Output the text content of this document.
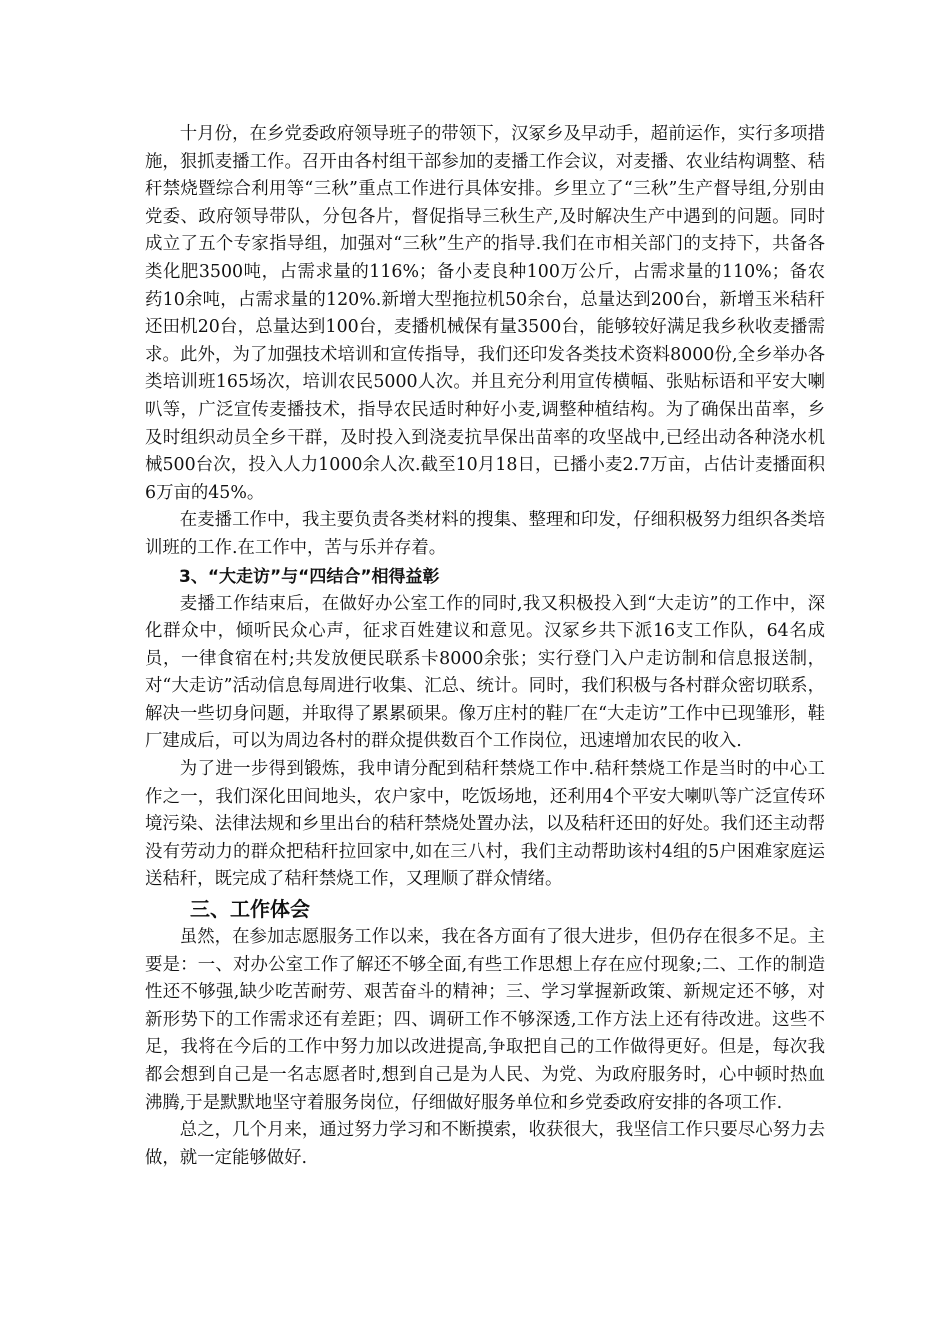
十月份，在乡党委政府领导班子的带领下，汉冢乡及早动手，超前运作，实行多项措施，狠抓麦播工作。召开由各村组干部参加的麦播工作会议，对麦播、农业结构调整、秸秆禁烧暨综合利用等“三秋”重点工作进行具体安排。乡里立了“三秋”生产督导组,分别由党委、政府领导带队，分包各片，督促指导三秋生产,及时解决生产中遇到的问题。同时成立了五个专家指导组，加强对“三秋”生产的指导.我们在市相关部门的支持下，共备各类化肥3500吨，占需求量的116%；备小麦良种100万公斤，占需求量的110%；备农药10余吨，占需求量的120%.新增大型拖拉机50余台，总量达到200台，新增玉米秸秆还田机20台，总量达到100台，麦播机械保有量3500台，能够较好满足我乡秋收麦播需求。此外，为了加强技术培训和宣传指导，我们还印发各类技术资料8000份,全乡举办各类培训班165场次，培训农民5000人次。并且充分利用宣传横幅、张贴标语和平安大喇叭等，广泛宣传麦播技术，指导农民适时种好小麦,调整种植结构。为了确保出苗率，乡及时组织动员全乡干群，及时投入到浇麦抗旱保出苗率的攻坚战中,已经出动各种浇水机械500台次，投入人力1000余人次.截至10月18日，已播小麦2.7万亩，占估计麦播面积6万亩的45%。

在麦播工作中，我主要负责各类材料的搜集、整理和印发，仔细积极努力组织各类培训班的工作.在工作中，苦与乐并存着。

3、“大走访”与“四结合”相得益彰

麦播工作结束后，在做好办公室工作的同时,我又积极投入到“大走访”的工作中，深化群众中，倾听民众心声，征求百姓建议和意见。汉冢乡共下派16支工作队，64名成员，一律食宿在村;共发放便民联系卡8000余张；实行登门入户走访制和信息报送制，对“大走访”活动信息每周进行收集、汇总、统计。同时，我们积极与各村群众密切联系，解决一些切身问题，并取得了累累硕果。像万庄村的鞋厂在“大走访”工作中已现雏形，鞋厂建成后，可以为周边各村的群众提供数百个工作岗位，迅速增加农民的收入.

为了进一步得到锻炼，我申请分配到秸秆禁烧工作中.秸秆禁烧工作是当时的中心工作之一，我们深化田间地头，农户家中，吃饭场地，还利用4个平安大喇叭等广泛宣传环境污染、法律法规和乡里出台的秸秆禁烧处置办法，以及秸秆还田的好处。我们还主动帮没有劳动力的群众把秸秆拉回家中,如在三八村，我们主动帮助该村4组的5户困难家庭运送秸秆，既完成了秸秆禁烧工作，又理顺了群众情绪。

三、工作体会

虽然，在参加志愿服务工作以来，我在各方面有了很大进步，但仍存在很多不足。主要是：一、对办公室工作了解还不够全面,有些工作思想上存在应付现象;二、工作的制造性还不够强,缺少吃苦耐劳、艰苦奋斗的精神；三、学习掌握新政策、新规定还不够，对新形势下的工作需求还有差距；四、调研工作不够深透,工作方法上还有待改进。这些不足，我将在今后的工作中努力加以改进提高,争取把自己的工作做得更好。但是，每次我都会想到自己是一名志愿者时,想到自己是为人民、为党、为政府服务时，心中顿时热血沸腾,于是默默地坚守着服务岗位，仔细做好服务单位和乡党委政府安排的各项工作.

总之，几个月来，通过努力学习和不断摸索，收获很大，我坚信工作只要尽心努力去做，就一定能够做好.
